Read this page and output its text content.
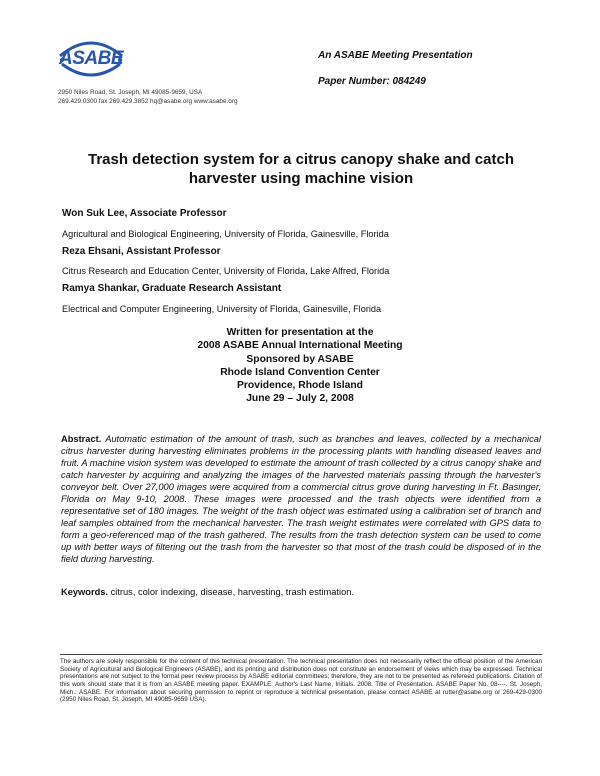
ASABE
2950 Niles Road, St. Joseph, MI 49085-9659, USA
269.429.0300 fax 269.429.3852 hq@asabe.org www.asabe.org
An ASABE Meeting Presentation
Paper Number: 084249
Trash detection system for a citrus canopy shake and catch harvester using machine vision
Won Suk Lee, Associate Professor
Agricultural and Biological Engineering, University of Florida, Gainesville, Florida
Reza Ehsani, Assistant Professor
Citrus Research and Education Center, University of Florida, Lake Alfred, Florida
Ramya Shankar, Graduate Research Assistant
Electrical and Computer Engineering, University of Florida, Gainesville, Florida
Written for presentation at the
2008 ASABE Annual International Meeting
Sponsored by ASABE
Rhode Island Convention Center
Providence, Rhode Island
June 29 – July 2, 2008
Abstract. Automatic estimation of the amount of trash, such as branches and leaves, collected by a mechanical citrus harvester during harvesting eliminates problems in the processing plants with handling diseased leaves and fruit. A machine vision system was developed to estimate the amount of trash collected by a citrus canopy shake and catch harvester by acquiring and analyzing the images of the harvested materials passing through the harvester's conveyor belt. Over 27,000 images were acquired from a commercial citrus grove during harvesting in Ft. Basinger, Florida on May 9-10, 2008. These images were processed and the trash objects were identified from a representative set of 180 images. The weight of the trash object was estimated using a calibration set of branch and leaf samples obtained from the mechanical harvester. The trash weight estimates were correlated with GPS data to form a geo-referenced map of the trash gathered. The results from the trash detection system can be used to come up with better ways of filtering out the trash from the harvester so that most of the trash could be disposed of in the field during harvesting.
Keywords. citrus, color indexing, disease, harvesting, trash estimation.
The authors are solely responsible for the content of this technical presentation. The technical presentation does not necessarily reflect the official position of the American Society of Agricultural and Biological Engineers (ASABE), and its printing and distribution does not constitute an endorsement of views which may be expressed. Technical presentations are not subject to the formal peer review process by ASABE editorial committees; therefore, they are not to be presented as refereed publications. Citation of this work should state that it is from an ASABE meeting paper. EXAMPLE: Author's Last Name, Initials. 2008. Title of Presentation. ASABE Paper No. 08----. St. Joseph, Mich.: ASABE. For information about securing permission to reprint or reproduce a technical presentation, please contact ASABE at rutter@asabe.org or 269-429-0300 (2950 Niles Road, St. Joseph, MI 49085-9659 USA).
